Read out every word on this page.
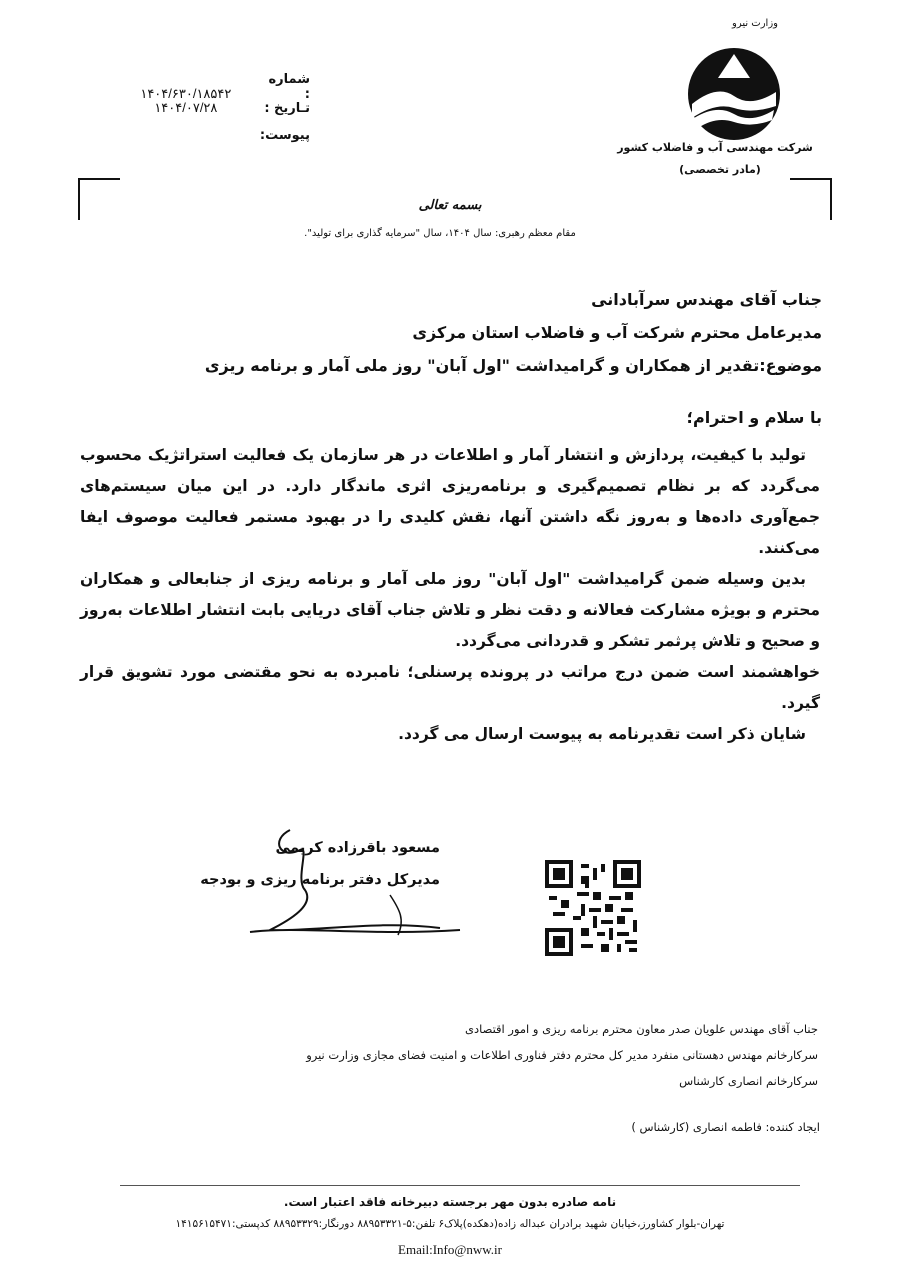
وزارت نیرو
شرکت مهندسی آب و فاضلاب کشور
(مادر تخصصی)
شماره : ۱۴۰۴/۶۳۰/۱۸۵۴۲
تـاریخ : ۱۴۰۴/۰۷/۲۸
پیوست:
بسمه تعالی
مقام معظم رهبری: سال ۱۴۰۴، سال "سرمایه گذاری برای تولید".
جناب آقای مهندس سرآبادانی
مدیرعامل محترم شرکت آب و فاضلاب استان مرکزی
موضوع:تقدیر از همکاران و گرامیداشت "اول آبان" روز ملی آمار و برنامه ریزی
با سلام و احترام؛

تولید با کیفیت، پردازش و انتشار آمار و اطلاعات در هر سازمان یک فعالیت استراتژیک محسوب می‌گردد که بر نظام تصمیم‌گیری و برنامه‌ریزی اثری ماندگار دارد. در این میان سیستم‌های جمع‌آوری داده‌ها و به‌روز نگه داشتن آنها، نقش کلیدی را در بهبود مستمر فعالیت موصوف ایفا می‌کنند.

بدین وسیله ضمن گرامیداشت "اول آبان" روز ملی آمار و برنامه ریزی از جنابعالی و همکاران محترم و بویژه مشارکت فعالانه و دقت نظر و تلاش جناب آقای دریایی بابت انتشار اطلاعات به‌روز و صحیح و تلاش پرثمر تشکر و قدردانی می‌گردد.

خواهشمند است ضمن درج مراتب در پرونده پرسنلی؛ نامبرده به نحو مقتضی مورد تشویق قرار گیرد.

شایان ذکر است تقدیرنامه به پیوست ارسال می گردد.

مسعود باقرزاده کریمی
مدیرکل دفتر برنامه ریزی و بودجه
جناب آقای مهندس علویان صدر معاون محترم برنامه ریزی و امور اقتصادی
سرکارخانم مهندس دهستانی منفرد مدیر کل محترم دفتر فناوری اطلاعات و امنیت فضای مجازی وزارت نیرو
سرکارخانم انصاری کارشناس
ایجاد کننده: فاطمه انصاری (کارشناس )
نامه صادره بدون مهر برجسته دبیرخانه فاقد اعتبار است.
تهران-بلوار کشاورز،خیابان شهید برادران عبداله زاده(دهکده)پلاک۶ تلفن:۵-۸۸۹۵۳۳۲۱ دورنگار:۸۸۹۵۳۳۲۹ کدپستی:۱۴۱۵۶۱۵۴۷۱
Email:Info@nww.ir
